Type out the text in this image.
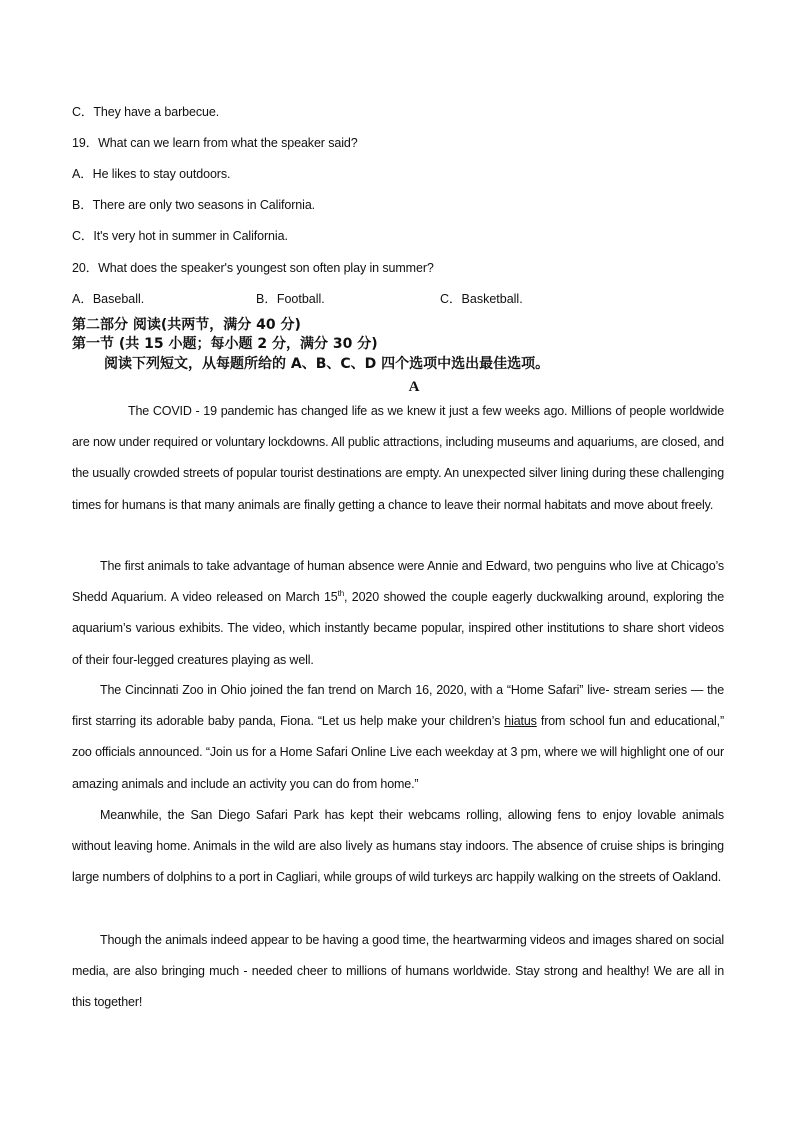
C．They have a barbecue.
19．What can we learn from what the speaker said?
A．He likes to stay outdoors.
B．There are only two seasons in California.
C．It's very hot in summer in California.
20．What does the speaker's youngest son often play in summer?
A．Baseball.	B．Football.	C．Basketball.
第二部分 阅读(共两节，满分 40 分)
第一节 (共 15 小题；每小题 2 分，满分 30 分)
阅读下列短文，从每题所给的 A、B、C、D 四个选项中选出最佳选项。
A
The COVID - 19 pandemic has changed life as we knew it just a few weeks ago. Millions of people worldwide are now under required or voluntary lockdowns. All public attractions, including museums and aquariums, are closed, and the usually crowded streets of popular tourist destinations are empty. An unexpected silver lining during these challenging times for humans is that many animals are finally getting a chance to leave their normal habitats and move about freely.
The first animals to take advantage of human absence were Annie and Edward, two penguins who live at Chicago’s Shedd Aquarium. A video released on March 15th, 2020 showed the couple eagerly duckwalking around, exploring the aquarium’s various exhibits. The video, which instantly became popular, inspired other institutions to share short videos of their four-legged creatures playing as well.
The Cincinnati Zoo in Ohio joined the fan trend on March 16, 2020, with a “Home Safari” live- stream series — the first starring its adorable baby panda, Fiona. “Let us help make your children’s hiatus from school fun and educational,” zoo officials announced. “Join us for a Home Safari Online Live each weekday at 3 pm, where we will highlight one of our amazing animals and include an activity you can do from home.”
Meanwhile, the San Diego Safari Park has kept their webcams rolling, allowing fens to enjoy lovable animals without leaving home. Animals in the wild are also lively as humans stay indoors. The absence of cruise ships is bringing large numbers of dolphins to a port in Cagliari, while groups of wild turkeys arc happily walking on the streets of Oakland.
Though the animals indeed appear to be having a good time, the heartwarming videos and images shared on social media, are also bringing much - needed cheer to millions of humans worldwide. Stay strong and healthy! We are all in this together!
